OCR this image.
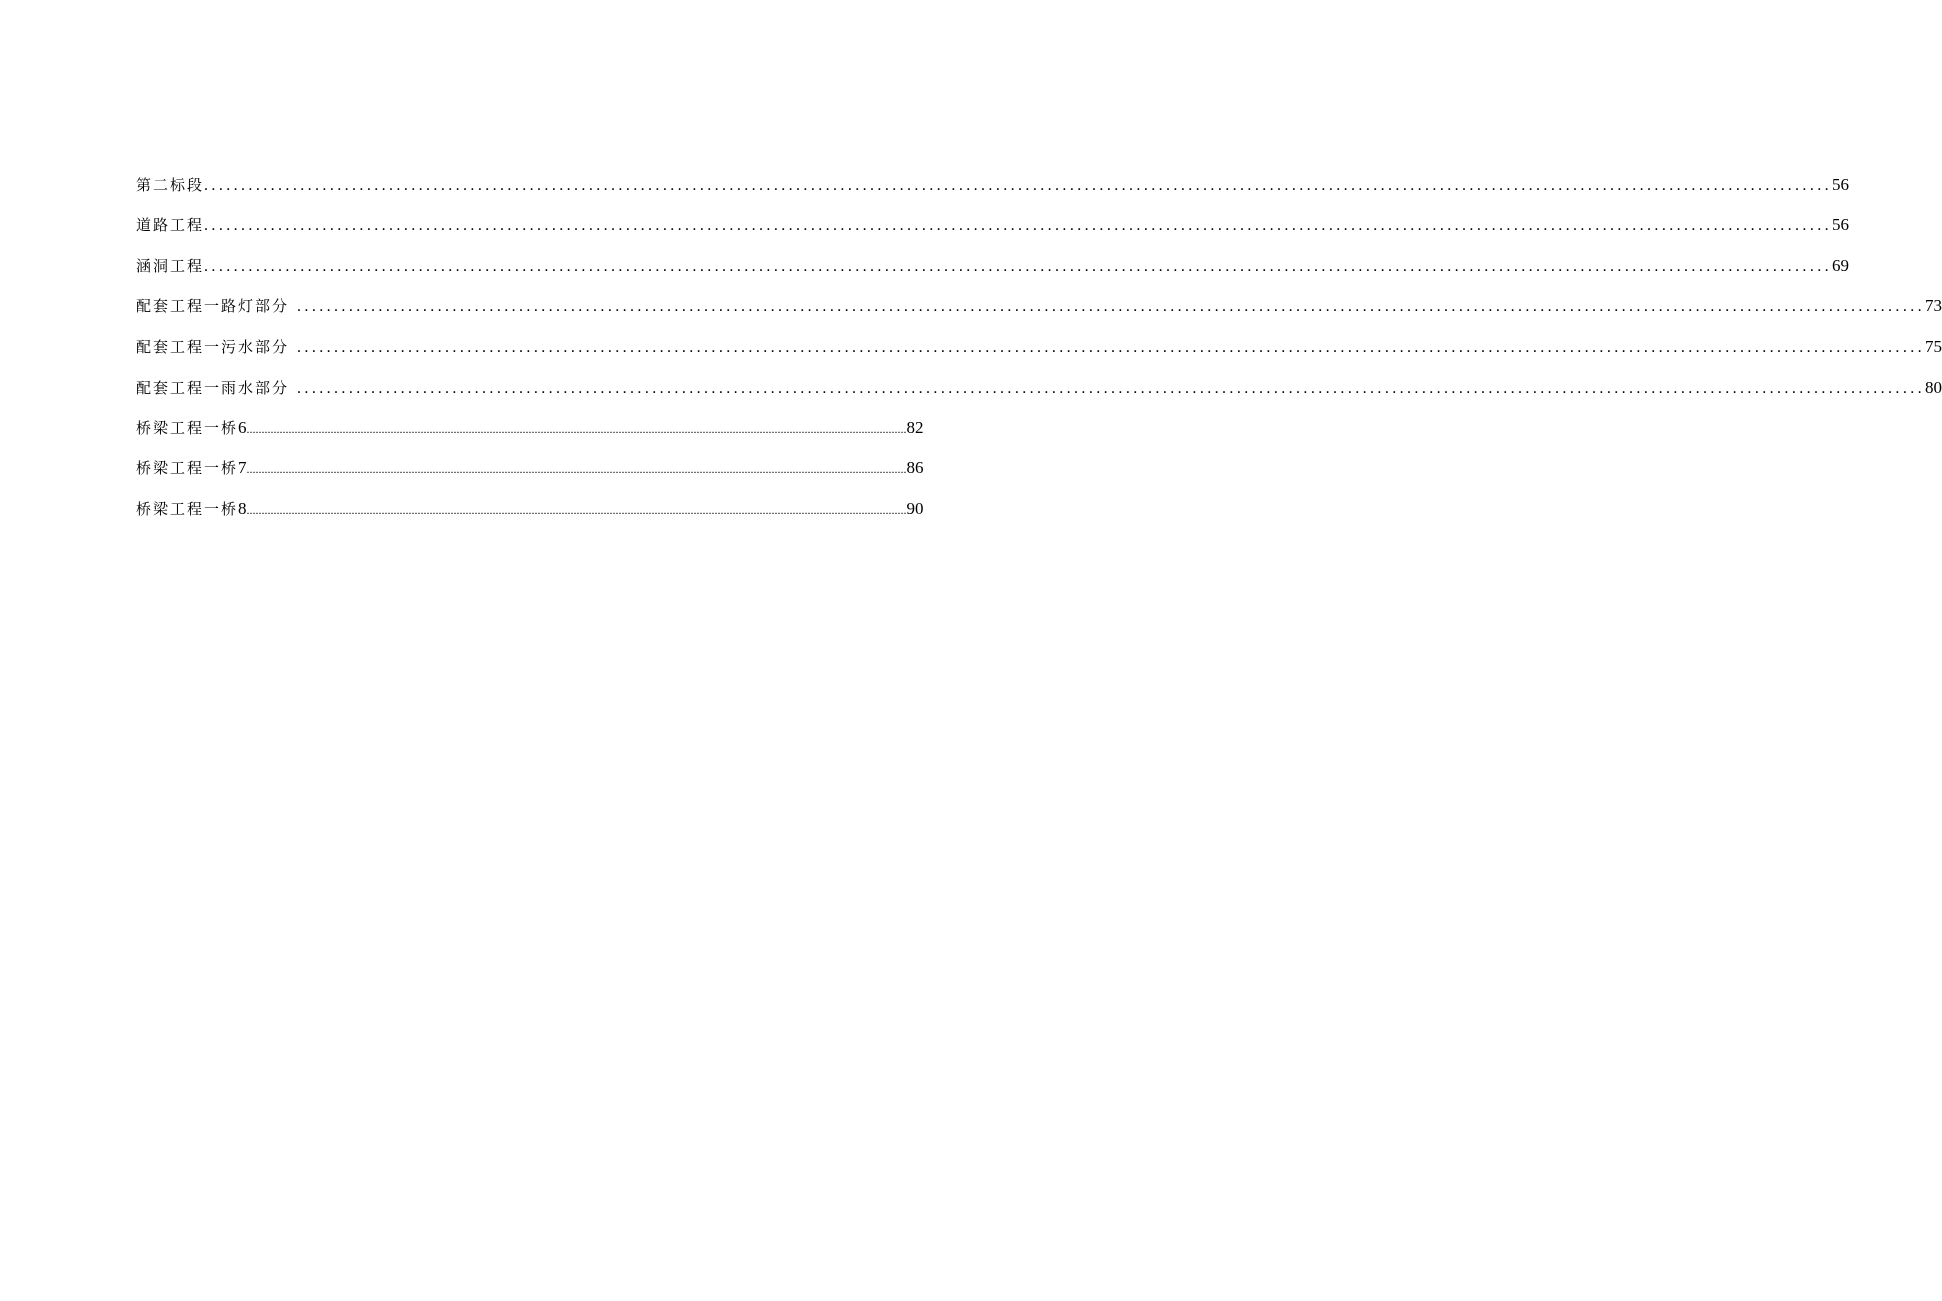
第二标段 ............................................................................................................................................................................................................................ 56
道路工程 ............................................................................................................................................................................................................................ 56
涵洞工程 ............................................................................................................................................................................................................................ 69
配套工程一路灯部分 ............................................................................................................................................................................................................................ 73
配套工程一污水部分 ............................................................................................................................................................................................................................ 75
配套工程一雨水部分 ............................................................................................................................................................................................................................ 80
桥梁工程一桥 6 ............................................................................................................................................................................................................................ 82
桥梁工程一桥 7 ............................................................................................................................................................................................................................ 86
桥梁工程一桥 8 ............................................................................................................................................................................................................................ 90
